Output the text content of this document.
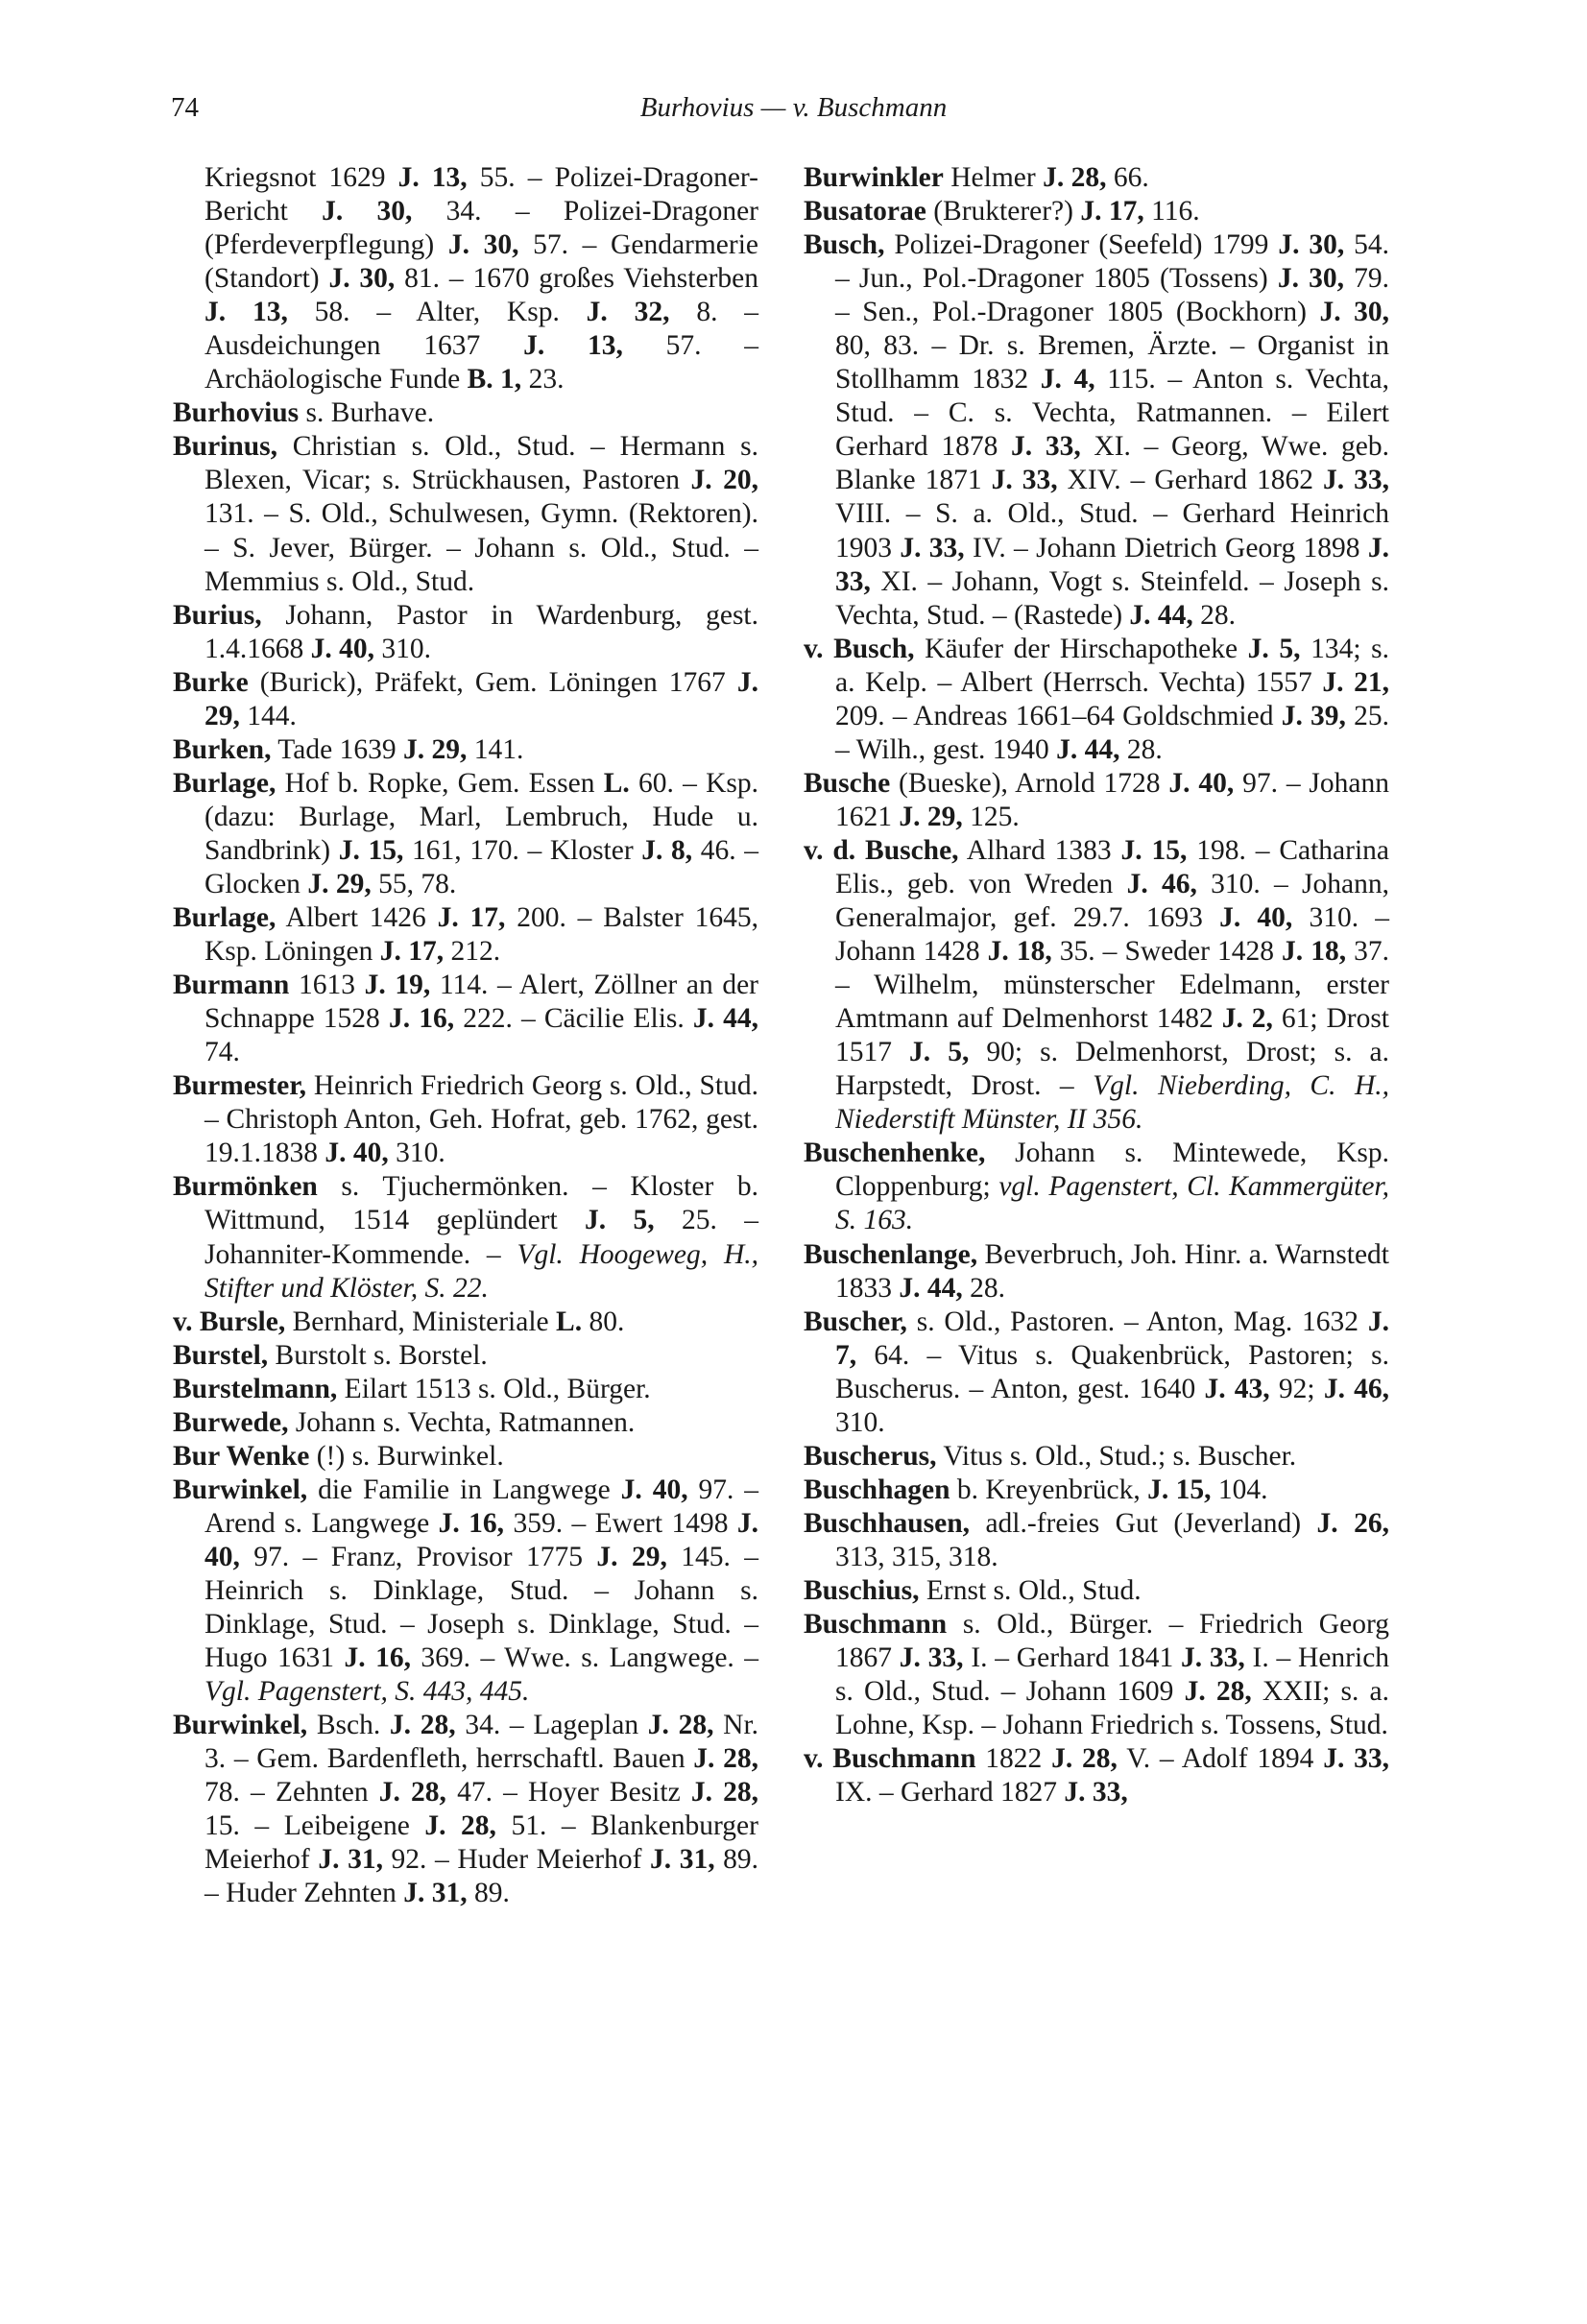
74	Burhovius — v. Buschmann

Kriegsnot 1629 J. 13, 55. – Polizei-Dragoner-Bericht J. 30, 34. – Polizei-Dragoner (Pferdeverpflegung) J. 30, 57. – Gendarmerie (Standort) J. 30, 81. – 1670 großes Viehsterben J. 13, 58. – Alter, Ksp. J. 32, 8. – Ausdeichungen 1637 J. 13, 57. – Archäologische Funde B. 1, 23.

Burhovius s. Burhave.

Burinus, Christian s. Old., Stud. – Hermann s. Blexen, Vicar; s. Strückhausen, Pastoren J. 20, 131. – S. Old., Schulwesen, Gymn. (Rektoren). – S. Jever, Bürger. – Johann s. Old., Stud. – Memmius s. Old., Stud.

Burius, Johann, Pastor in Wardenburg, gest. 1.4.1668 J. 40, 310.

Burke (Burick), Präfekt, Gem. Löningen 1767 J. 29, 144.

Burken, Tade 1639 J. 29, 141.

Burlage, Hof b. Ropke, Gem. Essen L. 60. – Ksp. (dazu: Burlage, Marl, Lembruch, Hude u. Sandbrink) J. 15, 161, 170. – Kloster J. 8, 46. – Glocken J. 29, 55, 78.

Burlage, Albert 1426 J. 17, 200. – Balster 1645, Ksp. Löningen J. 17, 212.

Burmann 1613 J. 19, 114. – Alert, Zöllner an der Schnappe 1528 J. 16, 222. – Cäcilie Elis. J. 44, 74.

Burmester, Heinrich Friedrich Georg s. Old., Stud. – Christoph Anton, Geh. Hofrat, geb. 1762, gest. 19.1.1838 J. 40, 310.

Burmönken s. Tjuchermönken. – Kloster b. Wittmund, 1514 geplündert J. 5, 25. – Johanniter-Kommende. – Vgl. Hoogeweg, H., Stifter und Klöster, S. 22.

v. Bursle, Bernhard, Ministeriale L. 80.

Burstel, Burstolt s. Borstel.

Burstelmann, Eilart 1513 s. Old., Bürger.

Burwede, Johann s. Vechta, Ratmannen.

Bur Wenke (!) s. Burwinkel.

Burwinkel, die Familie in Langwege J. 40, 97. – Arend s. Langwege J. 16, 359. – Ewert 1498 J. 40, 97. – Franz, Provisor 1775 J. 29, 145. – Heinrich s. Dinklage, Stud. – Johann s. Dinklage, Stud. – Joseph s. Dinklage, Stud. – Hugo 1631 J. 16, 369. – Wwe. s. Langwege. – Vgl. Pagenstert, S. 443, 445.

Burwinkel, Bsch. J. 28, 34. – Lageplan J. 28, Nr. 3. – Gem. Bardenfleth, herrschaftl. Bauen J. 28, 78. – Zehnten J. 28, 47. – Hoyer Besitz J. 28, 15. – Leibeigene J. 28, 51. – Blankenburger Meierhof J. 31, 92. – Huder Meierhof J. 31, 89. – Huder Zehnten J. 31, 89.

Burwinkler Helmer J. 28, 66.

Busatorae (Brukterer?) J. 17, 116.

Busch, Polizei-Dragoner (Seefeld) 1799 J. 30, 54. – Jun., Pol.-Dragoner 1805 (Tossens) J. 30, 79. – Sen., Pol.-Dragoner 1805 (Bockhorn) J. 30, 80, 83. – Dr. s. Bremen, Ärzte. – Organist in Stollhamm 1832 J. 4, 115. – Anton s. Vechta, Stud. – C. s. Vechta, Ratmannen. – Eilert Gerhard 1878 J. 33, XI. – Georg, Wwe. geb. Blanke 1871 J. 33, XIV. – Gerhard 1862 J. 33, VIII. – S. a. Old., Stud. – Gerhard Heinrich 1903 J. 33, IV. – Johann Dietrich Georg 1898 J. 33, XI. – Johann, Vogt s. Steinfeld. – Joseph s. Vechta, Stud. – (Rastede) J. 44, 28.

v. Busch, Käufer der Hirschapotheke J. 5, 134; s. a. Kelp. – Albert (Herrsch. Vechta) 1557 J. 21, 209. – Andreas 1661–64 Goldschmied J. 39, 25. – Wilh., gest. 1940 J. 44, 28.

Busche (Bueske), Arnold 1728 J. 40, 97. – Johann 1621 J. 29, 125.

v. d. Busche, Alhard 1383 J. 15, 198. – Catharina Elis., geb. von Wreden J. 46, 310. – Johann, Generalmajor, gef. 29.7. 1693 J. 40, 310. – Johann 1428 J. 18, 35. – Sweder 1428 J. 18, 37. – Wilhelm, münsterscher Edelmann, erster Amtmann auf Delmenhorst 1482 J. 2, 61; Drost 1517 J. 5, 90; s. Delmenhorst, Drost; s. a. Harpstedt, Drost. – Vgl. Nieberding, C. H., Niederstift Münster, II 356.

Buschenhenke, Johann s. Mintewede, Ksp. Cloppenburg; vgl. Pagenstert, Cl. Kammergüter, S. 163.

Buschenlange, Beverbruch, Joh. Hinr. a. Warnstedt 1833 J. 44, 28.

Buscher, s. Old., Pastoren. – Anton, Mag. 1632 J. 7, 64. – Vitus s. Quakenbrück, Pastoren; s. Buscherus. – Anton, gest. 1640 J. 43, 92; J. 46, 310.

Buscherus, Vitus s. Old., Stud.; s. Buscher.

Buschhagen b. Kreyenbrück, J. 15, 104.

Buschhausen, adl.-freies Gut (Jeverland) J. 26, 313, 315, 318.

Buschius, Ernst s. Old., Stud.

Buschmann s. Old., Bürger. – Friedrich Georg 1867 J. 33, I. – Gerhard 1841 J. 33, I. – Henrich s. Old., Stud. – Johann 1609 J. 28, XXII; s. a. Lohne, Ksp. – Johann Friedrich s. Tossens, Stud.

v. Buschmann 1822 J. 28, V. – Adolf 1894 J. 33, IX. – Gerhard 1827 J. 33,
